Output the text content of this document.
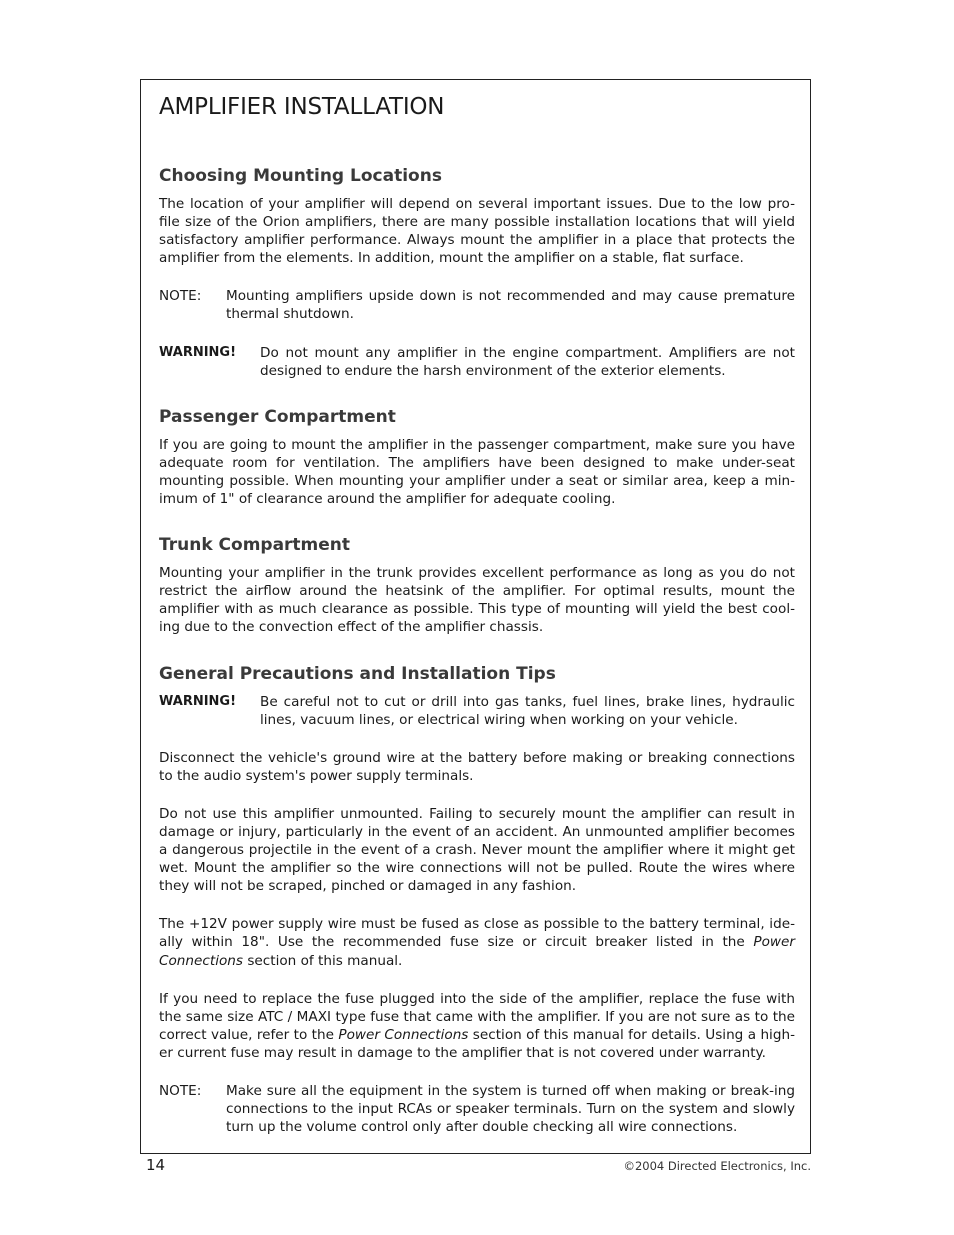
AMPLIFIER INSTALLATION
Choosing Mounting Locations

The location of your amplifier will depend on several important issues. Due to the low pro-file size of the Orion amplifiers, there are many possible installation locations that will yield satisfactory amplifier performance. Always mount the amplifier in a place that protects the amplifier from the elements. In addition, mount the amplifier on a stable, flat surface.

NOTE:	Mounting amplifiers upside down is not recommended and may cause premature thermal shutdown.
WARNING!	Do not mount any amplifier in the engine compartment. Amplifiers are not designed to endure the harsh environment of the exterior elements.
Passenger Compartment

If you are going to mount the amplifier in the passenger compartment, make sure you have adequate room for ventilation. The amplifiers have been designed to make under-seat mounting possible. When mounting your amplifier under a seat or similar area, keep a min-imum of 1" of clearance around the amplifier for adequate cooling.

Trunk Compartment

Mounting your amplifier in the trunk provides excellent performance as long as you do not restrict the airflow around the heatsink of the amplifier. For optimal results, mount the amplifier with as much clearance as possible. This type of mounting will yield the best cool-ing due to the convection effect of the amplifier chassis.

General Precautions and Installation Tips
WARNING!	Be careful not to cut or drill into gas tanks, fuel lines, brake lines, hydraulic lines, vacuum lines, or electrical wiring when working on your vehicle.

Disconnect the vehicle's ground wire at the battery before making or breaking connections to the audio system's power supply terminals.

Do not use this amplifier unmounted. Failing to securely mount the amplifier can result in damage or injury, particularly in the event of an accident. An unmounted amplifier becomes a dangerous projectile in the event of a crash. Never mount the amplifier where it might get wet. Mount the amplifier so the wire connections will not be pulled. Route the wires where they will not be scraped, pinched or damaged in any fashion.

The +12V power supply wire must be fused as close as possible to the battery terminal, ide-ally within 18". Use the recommended fuse size or circuit breaker listed in the Power Connections section of this manual.

If you need to replace the fuse plugged into the side of the amplifier, replace the fuse with the same size ATC / MAXI type fuse that came with the amplifier. If you are not sure as to the correct value, refer to the Power Connections section of this manual for details. Using a high-er current fuse may result in damage to the amplifier that is not covered under warranty.

NOTE:	Make sure all the equipment in the system is turned off when making or break-ing connections to the input RCAs or speaker terminals. Turn on the system and slowly turn up the volume control only after double checking all wire connections.
14	©2004 Directed Electronics, Inc.
